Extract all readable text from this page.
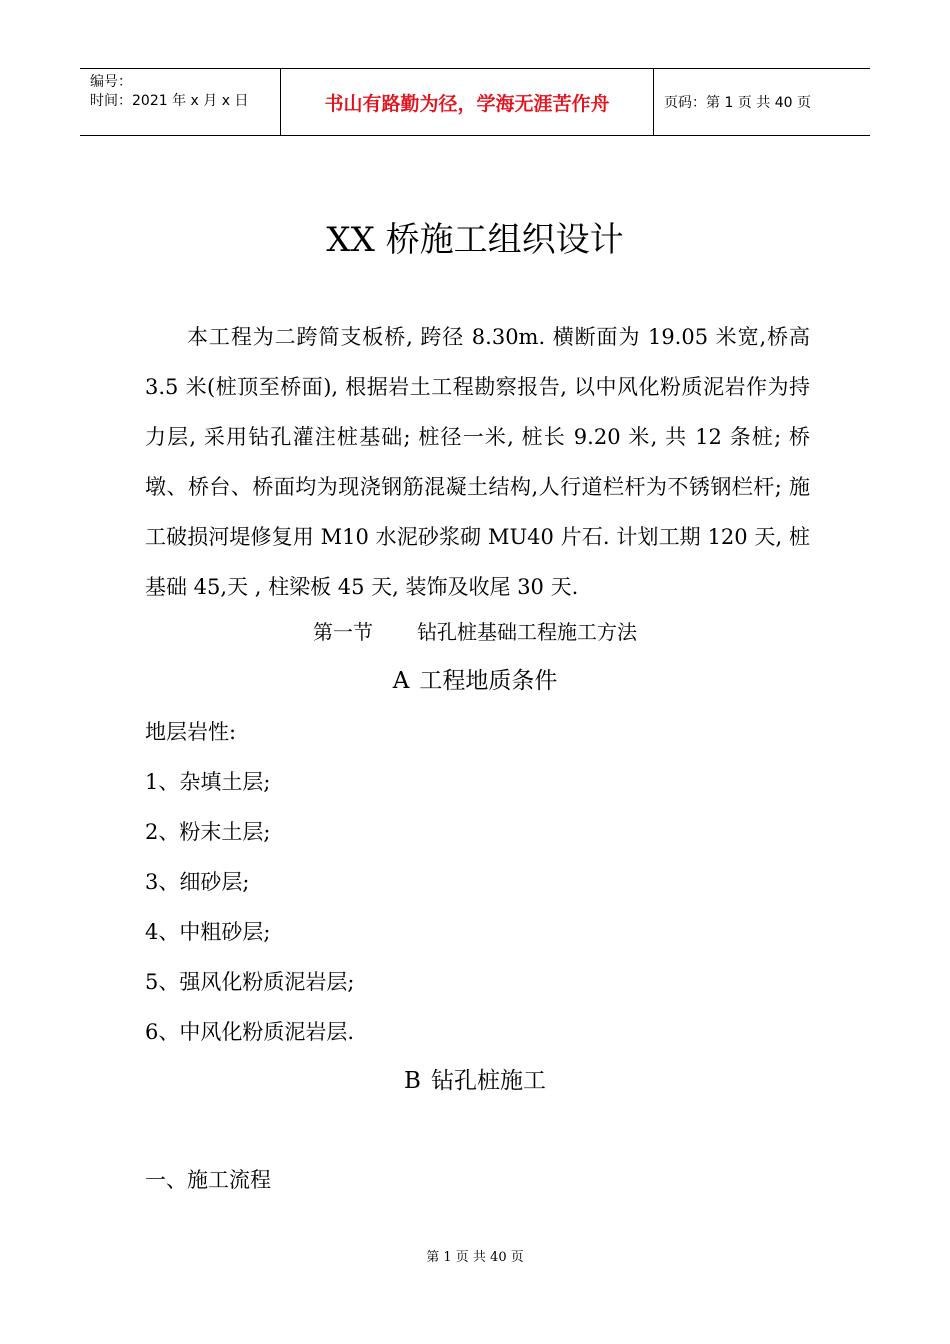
编号：
时间：2021 年 x 月 x 日	书山有路勤为径，学海无涯苦作舟	页码：第 1 页 共 40 页
XX 桥施工组织设计

本工程为二跨简支板桥, 跨径 8.30m. 横断面为 19.05 米宽,桥高 3.5 米(桩顶至桥面), 根据岩土工程勘察报告, 以中风化粉质泥岩作为持力层, 采用钻孔灌注桩基础; 桩径一米, 桩长 9.20 米, 共 12 条桩; 桥墩、桥台、桥面均为现浇钢筋混凝土结构,人行道栏杆为不锈钢栏杆; 施工破损河堤修复用 M10 水泥砂浆砌 MU40 片石. 计划工期 120 天, 桩基础 45,天 , 柱梁板 45 天, 装饰及收尾 30 天.

第一节 钻孔桩基础工程施工方法
A 工程地质条件
地层岩性:
1、杂填土层;
2、粉末土层;
3、细砂层;
4、中粗砂层;
5、强风化粉质泥岩层;
6、中风化粉质泥岩层.
B 钻孔桩施工
一、施工流程
第 1 页 共 40 页
